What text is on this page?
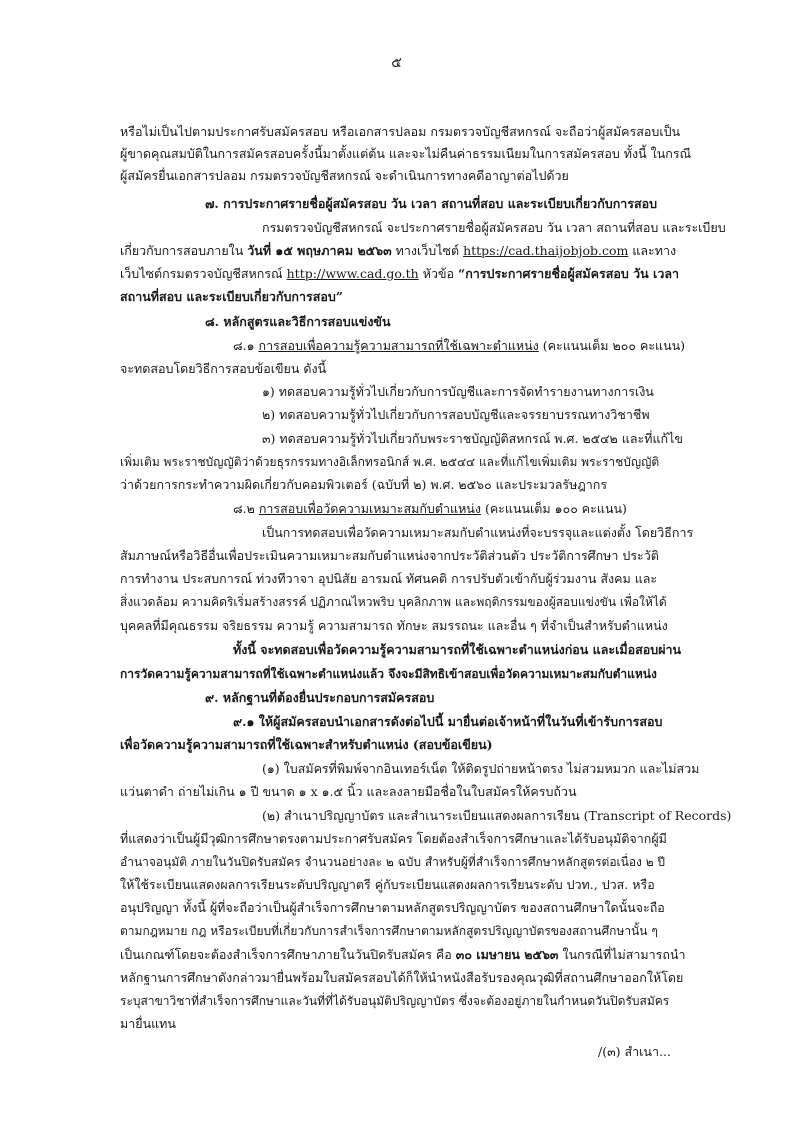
๕
หรือไม่เป็นไปตามประกาศรับสมัครสอบ หรือเอกสารปลอม กรมตรวจบัญชีสหกรณ์ จะถือว่าผู้สมัครสอบเป็น
ผู้ขาดคุณสมบัติในการสมัครสอบครั้งนี้มาตั้งแต่ต้น และจะไม่คืนค่าธรรมเนียมในการสมัครสอบ ทั้งนี้ ในกรณี
ผู้สมัครยื่นเอกสารปลอม กรมตรวจบัญชีสหกรณ์ จะดำเนินการทางคดีอาญาต่อไปด้วย
๗. การประกาศรายชื่อผู้สมัครสอบ วัน เวลา สถานที่สอบ และระเบียบเกี่ยวกับการสอบ
กรมตรวจบัญชีสหกรณ์ จะประกาศรายชื่อผู้สมัครสอบ วัน เวลา สถานที่สอบ และระเบียบ
เกี่ยวกับการสอบภายใน วันที่ ๑๕ พฤษภาคม ๒๕๖๓ ทางเว็บไซต์ https://cad.thaijobjob.com และทาง
เว็บไซต์กรมตรวจบัญชีสหกรณ์ http://www.cad.go.th หัวข้อ “การประกาศรายชื่อผู้สมัครสอบ วัน เวลา
สถานที่สอบ และระเบียบเกี่ยวกับการสอบ”
๘. หลักสูตรและวิธีการสอบแข่งขัน
๘.๑ การสอบเพื่อความรู้ความสามารถที่ใช้เฉพาะตำแหน่ง (คะแนนเต็ม ๒๐๐ คะแนน)
จะทดสอบโดยวิธีการสอบข้อเขียน ดังนี้
๑) ทดสอบความรู้ทั่วไปเกี่ยวกับการบัญชีและการจัดทำรายงานทางการเงิน
๒) ทดสอบความรู้ทั่วไปเกี่ยวกับการสอบบัญชีและจรรยาบรรณทางวิชาชีพ
๓) ทดสอบความรู้ทั่วไปเกี่ยวกับพระราชบัญญัติสหกรณ์ พ.ศ. ๒๕๔๒ และที่แก้ไข
เพิ่มเติม พระราชบัญญัติว่าด้วยธุรกรรมทางอิเล็กทรอนิกส์ พ.ศ. ๒๕๔๔ และที่แก้ไขเพิ่มเติม พระราชบัญญัติ
ว่าด้วยการกระทำความผิดเกี่ยวกับคอมพิวเตอร์ (ฉบับที่ ๒) พ.ศ. ๒๕๖๐ และประมวลรัษฎากร
๘.๒ การสอบเพื่อวัดความเหมาะสมกับตำแหน่ง (คะแนนเต็ม ๑๐๐ คะแนน)
เป็นการทดสอบเพื่อวัดความเหมาะสมกับตำแหน่งที่จะบรรจุและแต่งตั้ง โดยวิธีการ
สัมภาษณ์หรือวิธีอื่นเพื่อประเมินความเหมาะสมกับตำแหน่งจากประวัติส่วนตัว ประวัติการศึกษา ประวัติ
การทำงาน ประสบการณ์ ท่วงทีวาจา อุปนิสัย อารมณ์ ทัศนคติ การปรับตัวเข้ากับผู้ร่วมงาน สังคม และ
สิ่งแวดล้อม ความคิดริเริ่มสร้างสรรค์ ปฏิภาณไหวพริบ บุคลิกภาพ และพฤติกรรมของผู้สอบแข่งขัน เพื่อให้ได้
บุคคลที่มีคุณธรรม จริยธรรม ความรู้ ความสามารถ ทักษะ สมรรถนะ และอื่น ๆ ที่จำเป็นสำหรับตำแหน่ง
ทั้งนี้ จะทดสอบเพื่อวัดความรู้ความสามารถที่ใช้เฉพาะตำแหน่งก่อน และเมื่อสอบผ่าน
การวัดความรู้ความสามารถที่ใช้เฉพาะตำแหน่งแล้ว จึงจะมีสิทธิเข้าสอบเพื่อวัดความเหมาะสมกับตำแหน่ง
๙. หลักฐานที่ต้องยื่นประกอบการสมัครสอบ
๙.๑ ให้ผู้สมัครสอบนำเอกสารดังต่อไปนี้ มายื่นต่อเจ้าหน้าที่ในวันที่เข้ารับการสอบ
เพื่อวัดความรู้ความสามารถที่ใช้เฉพาะสำหรับตำแหน่ง (สอบข้อเขียน)
(๑) ใบสมัครที่พิมพ์จากอินเทอร์เน็ต ให้ติดรูปถ่ายหน้าตรง ไม่สวมหมวก และไม่สวม
แว่นตาดำ ถ่ายไม่เกิน ๑ ปี ขนาด ๑ x ๑.๕ นิ้ว และลงลายมือชื่อในใบสมัครให้ครบถ้วน
(๒) สำเนาปริญญาบัตร และสำเนาระเบียนแสดงผลการเรียน (Transcript of Records)
ที่แสดงว่าเป็นผู้มีวุฒิการศึกษาตรงตามประกาศรับสมัคร โดยต้องสำเร็จการศึกษาและได้รับอนุมัติจากผู้มี
อำนาจอนุมัติ ภายในวันปิดรับสมัคร จำนวนอย่างละ ๒ ฉบับ สำหรับผู้ที่สำเร็จการศึกษาหลักสูตรต่อเนื่อง ๒ ปี
ให้ใช้ระเบียนแสดงผลการเรียนระดับปริญญาตรี คู่กับระเบียนแสดงผลการเรียนระดับ ปวท., ปวส. หรือ
อนุปริญญา ทั้งนี้ ผู้ที่จะถือว่าเป็นผู้สำเร็จการศึกษาตามหลักสูตรปริญญาบัตร ของสถานศึกษาใดนั้นจะถือ
ตามกฎหมาย กฎ หรือระเบียบที่เกี่ยวกับการสำเร็จการศึกษาตามหลักสูตรปริญญาบัตรของสถานศึกษานั้น ๆ
เป็นเกณฑ์โดยจะต้องสำเร็จการศึกษาภายในวันปิดรับสมัคร คือ ๓๐ เมษายน ๒๕๖๓ ในกรณีที่ไม่สามารถนำ
หลักฐานการศึกษาดังกล่าวมายื่นพร้อมใบสมัครสอบได้ก็ให้นำหนังสือรับรองคุณวุฒิที่สถานศึกษาออกให้โดย
ระบุสาขาวิชาที่สำเร็จการศึกษาและวันที่ที่ได้รับอนุมัติปริญญาบัตร ซึ่งจะต้องอยู่ภายในกำหนดวันปิดรับสมัคร
มายื่นแทน
/(๓) สำเนา...
